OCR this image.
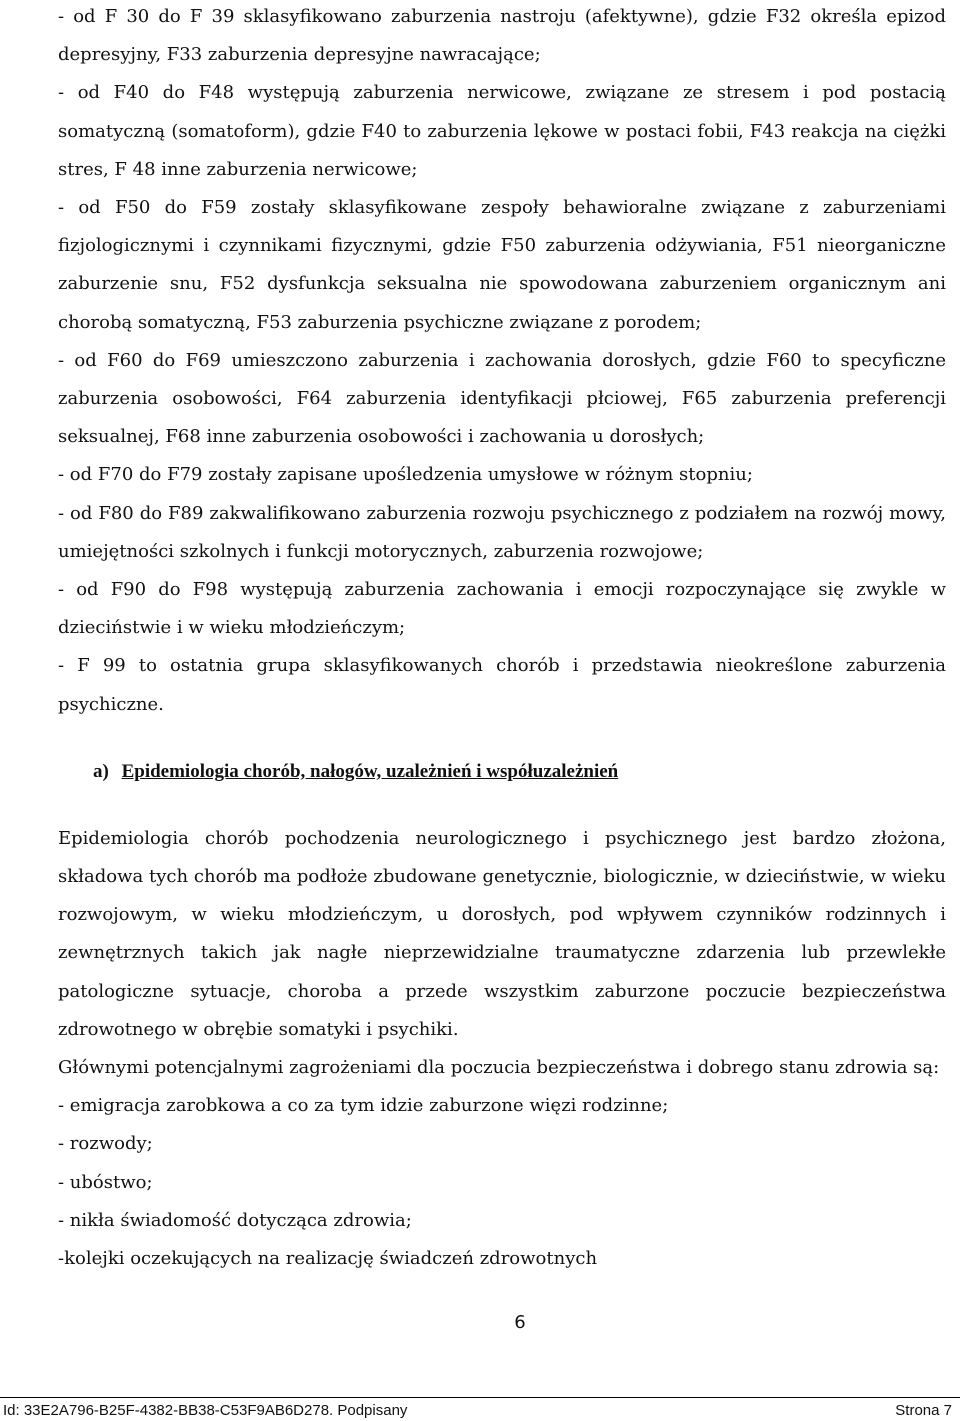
- od F 30 do F 39 sklasyfikowano zaburzenia nastroju (afektywne), gdzie F32 określa epizod depresyjny, F33 zaburzenia depresyjne nawracające;

- od F40 do F48 występują zaburzenia nerwicowe, związane ze stresem i pod postacią somatyczną (somatoform), gdzie F40 to zaburzenia lękowe w postaci fobii, F43 reakcja na ciężki stres, F 48 inne zaburzenia nerwicowe;

- od F50 do F59 zostały sklasyfikowane zespoły behawioralne związane z zaburzeniami fizjologicznymi i czynnikami fizycznymi, gdzie F50 zaburzenia odżywiania, F51 nieorganiczne zaburzenie snu, F52 dysfunkcja seksualna nie spowodowana zaburzeniem organicznym ani chorobą somatyczną, F53 zaburzenia psychiczne związane z porodem;

- od F60 do F69 umieszczono zaburzenia i zachowania dorosłych, gdzie F60 to specyficzne zaburzenia osobowości, F64 zaburzenia identyfikacji płciowej, F65 zaburzenia preferencji seksualnej, F68 inne zaburzenia osobowości i zachowania u dorosłych;

- od F70 do F79 zostały zapisane upośledzenia umysłowe w różnym stopniu;

- od F80 do F89 zakwalifikowano zaburzenia rozwoju psychicznego z podziałem na rozwój mowy, umiejętności szkolnych i funkcji motorycznych, zaburzenia rozwojowe;

- od F90 do F98 występują zaburzenia zachowania i emocji rozpoczynające się zwykle w dzieciństwie i w wieku młodzieńczym;

- F 99 to ostatnia grupa sklasyfikowanych chorób i przedstawia nieokreślone zaburzenia psychiczne.

a) Epidemiologia chorób, nałogów, uzależnień i współuzależnień

Epidemiologia chorób pochodzenia neurologicznego i psychicznego jest bardzo złożona, składowa tych chorób ma podłoże zbudowane genetycznie, biologicznie, w dzieciństwie, w wieku rozwojowym, w wieku młodzieńczym, u dorosłych, pod wpływem czynników rodzinnych i zewnętrznych takich jak nagłe nieprzewidzialne traumatyczne zdarzenia lub przewlekłe patologiczne sytuacje, choroba a przede wszystkim zaburzone poczucie bezpieczeństwa zdrowotnego w obrębie somatyki i psychiki.

Głównymi potencjalnymi zagrożeniami dla poczucia bezpieczeństwa i dobrego stanu zdrowia są:

- emigracja zarobkowa a co za tym idzie zaburzone więzi rodzinne;

- rozwody;

- ubóstwo;

- nikła świadomość dotycząca zdrowia;

-kolejki oczekujących na realizację świadczeń zdrowotnych

6
Id: 33E2A796-B25F-4382-BB38-C53F9AB6D278. Podpisany	Strona 7
